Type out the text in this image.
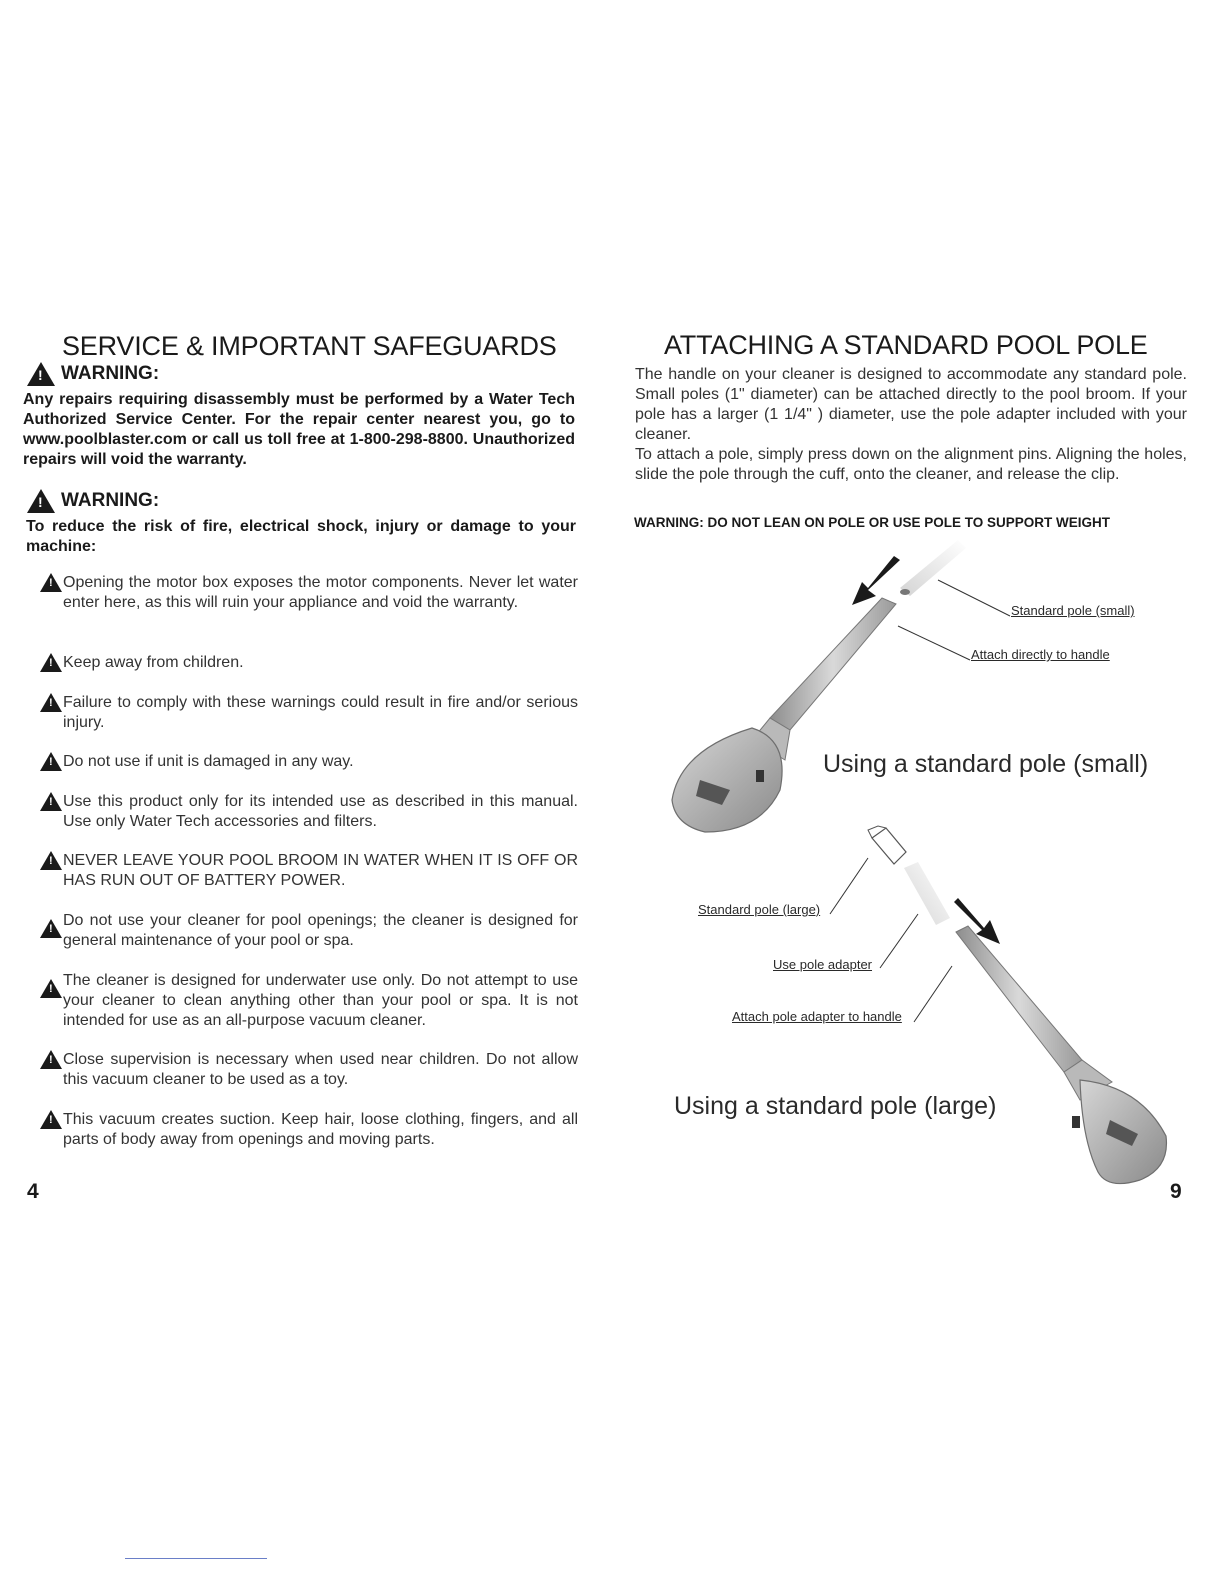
SERVICE & IMPORTANT SAFEGUARDS
!
WARNING:
Any repairs requiring disassembly must be performed by a Water Tech Authorized Service Center. For the repair center nearest you, go to www.poolblaster.com or call us toll free at 1-800-298-8800. Unauthorized repairs will void the warranty.
!
WARNING:
To reduce the risk of fire, electrical shock, injury or damage to your machine:
!
Opening the motor box exposes the motor components. Never let water enter here, as this will ruin your appliance and void the warranty.
!
Keep away from children.
!
Failure to comply with these warnings could result in fire and/or serious injury.
!
Do not use if unit is damaged in any way.
!
Use this product only for its intended use as described in this manual. Use only Water Tech accessories and filters.
!
NEVER LEAVE YOUR POOL BROOM IN WATER WHEN IT IS OFF OR HAS RUN OUT OF BATTERY POWER.
!
Do not use your cleaner for pool openings; the cleaner is designed for general maintenance of your pool or spa.
!
The cleaner is designed for underwater use only. Do not attempt to use your cleaner to clean anything other than your pool or spa. It is not intended for use as an all-purpose vacuum cleaner.
!
Close supervision is necessary when used near children. Do not allow this vacuum cleaner to be used as a toy.
!
This vacuum creates suction. Keep hair, loose clothing, fingers, and all parts of body away from openings and moving parts.
4
ATTACHING A STANDARD POOL POLE
The handle on your cleaner is designed to accommodate any standard pole. Small poles (1" diameter) can be attached directly to the pool broom. If your pole has a larger (1 1/4" ) diameter, use the pole adapter included with your cleaner.
To attach a pole, simply press down on the alignment pins. Aligning the holes, slide the pole through the cuff, onto the cleaner, and release the clip.
WARNING: DO NOT LEAN ON POLE OR USE POLE TO SUPPORT WEIGHT
Standard pole (small)
Attach directly to handle
Using a standard pole (small)
Standard pole (large)
Use pole adapter
Attach pole adapter to handle
Using a standard pole (large)
9
